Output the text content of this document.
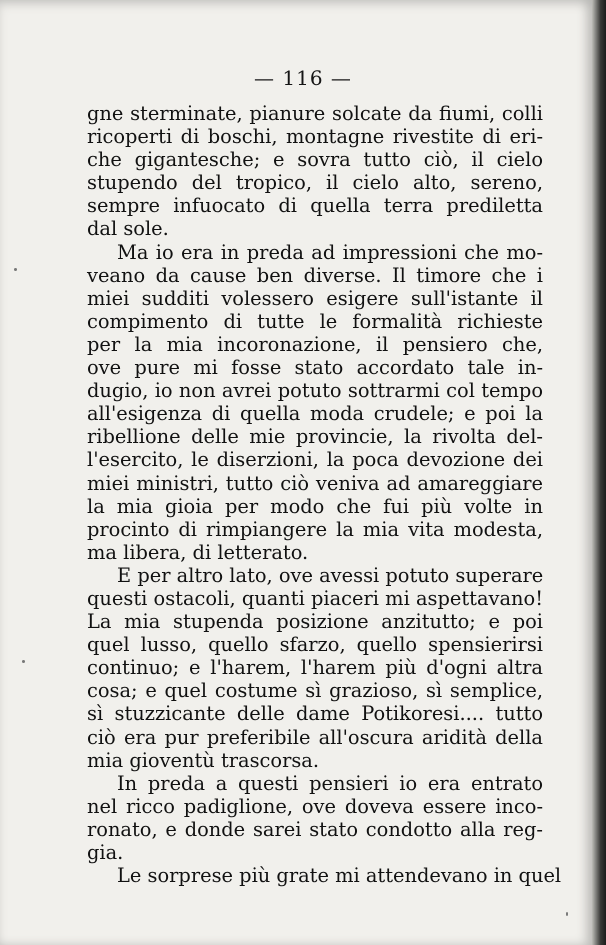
— 116 —
gne sterminate, pianure solcate da fiumi, colli
ricoperti di boschi, montagne rivestite di eri-
che gigantesche; e sovra tutto ciò, il cielo
stupendo del tropico, il cielo alto, sereno,
sempre infuocato di quella terra prediletta
dal sole.
Ma io era in preda ad impressioni che mo-
veano da cause ben diverse. Il timore che i
miei sudditi volessero esigere sull'istante il
compimento di tutte le formalità richieste
per la mia incoronazione, il pensiero che,
ove pure mi fosse stato accordato tale in-
dugio, io non avrei potuto sottrarmi col tempo
all'esigenza di quella moda crudele; e poi la
ribellione delle mie provincie, la rivolta del-
l'esercito, le diserzioni, la poca devozione dei
miei ministri, tutto ciò veniva ad amareggiare
la mia gioia per modo che fui più volte in
procinto di rimpiangere la mia vita modesta,
ma libera, di letterato.
E per altro lato, ove avessi potuto superare
questi ostacoli, quanti piaceri mi aspettavano!
La mia stupenda posizione anzitutto; e poi
quel lusso, quello sfarzo, quello spensierirsi
continuo; e l'harem, l'harem più d'ogni altra
cosa; e quel costume sì grazioso, sì semplice,
sì stuzzicante delle dame Potikoresi.... tutto
ciò era pur preferibile all'oscura aridità della
mia gioventù trascorsa.
In preda a questi pensieri io era entrato
nel ricco padiglione, ove doveva essere inco-
ronato, e donde sarei stato condotto alla reg-
gia.
Le sorprese più grate mi attendevano in quel
